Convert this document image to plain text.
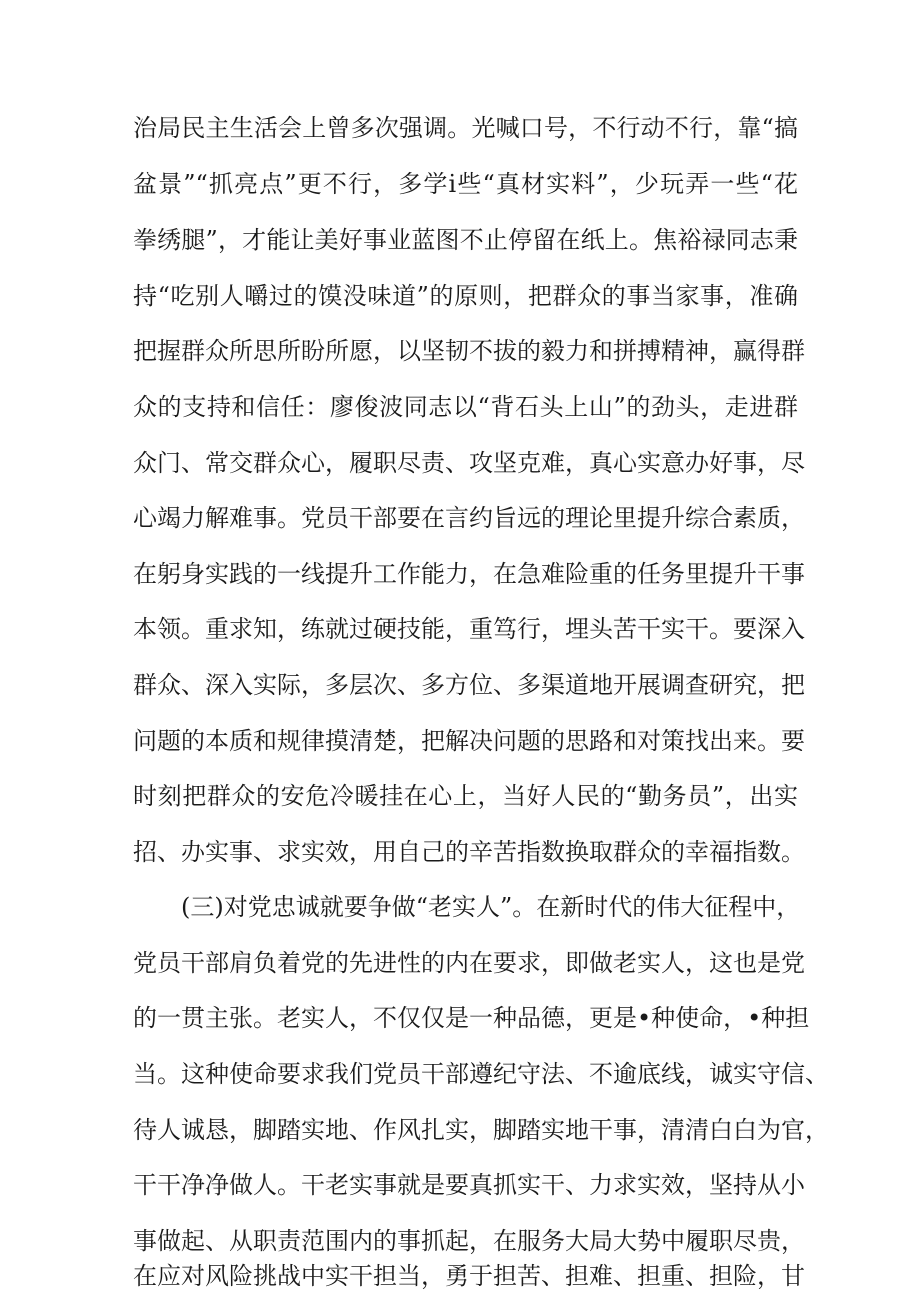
治局民主生活会上曾多次强调。光喊口号，不行动不行，靠“搞
盆景”“抓亮点”更不行，多学i些“真材实料”，少玩弄一些“花
拳绣腿”，才能让美好事业蓝图不止停留在纸上。焦裕禄同志秉
持“吃别人嚼过的馍没味道”的原则，把群众的事当家事，准确
把握群众所思所盼所愿，以坚韧不拔的毅力和拼搏精神，赢得群
众的支持和信任：廖俊波同志以“背石头上山”的劲头，走进群
众门、常交群众心，履职尽责、攻坚克难，真心实意办好事，尽
心竭力解难事。党员干部要在言约旨远的理论里提升综合素质，
在躬身实践的一线提升工作能力，在急难险重的任务里提升干事
本领。重求知，练就过硬技能，重笃行，埋头苦干实干。要深入
群众、深入实际，多层次、多方位、多渠道地开展调查研究，把
问题的本质和规律摸清楚，把解决问题的思路和对策找出来。要
时刻把群众的安危冷暖挂在心上，当好人民的“勤务员”，出实
招、办实事、求实效，用自己的辛苦指数换取群众的幸福指数。
(三)对党忠诚就要争做“老实人”。在新时代的伟大征程中，
党员干部肩负着党的先进性的内在要求，即做老实人，这也是党
的一贯主张。老实人，不仅仅是一种品德，更是•种使命，•种担
当。这种使命要求我们党员干部遵纪守法、不逾底线，诚实守信、
待人诚恳，脚踏实地、作风扎实，脚踏实地干事，清清白白为官，
干干净净做人。干老实事就是要真抓实干、力求实效，坚持从小
事做起、从职责范围内的事抓起，在服务大局大势中履职尽贵，
在应对风险挑战中实干担当，勇于担苦、担难、担重、担险，甘
